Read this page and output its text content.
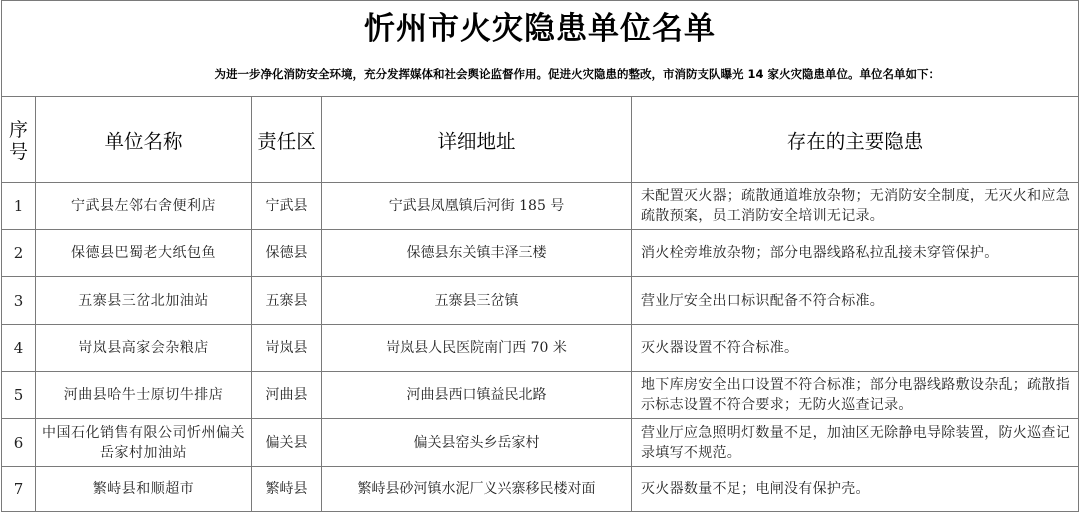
忻州市火灾隐患单位名单				
$^{为进一步净化消防安全环境,充分发挥媒体和社会舆论监督作用。促进火灾隐患的整改,市消防支队曝光 14 家火灾隐患单位。单位名单如下:}$

序
号	单位名称	责任区	详细地址	存在的主要隐患
1	宁武县左邻右舍便利店	宁武县	宁武县凤凰镇后河街 185 号	未配置灭火器；疏散通道堆放杂物；无消防安全制度，无灭火和应急疏散预案，员工消防安全培训无记录。
2	保德县巴蜀老大纸包鱼	保德县	保德县东关镇丰泽三楼	消火栓旁堆放杂物；部分电器线路私拉乱接未穿管保护。
3	五寨县三岔北加油站	五寨县	五寨县三岔镇	营业厅安全出口标识配备不符合标准。
4	岢岚县高家会杂粮店	岢岚县	岢岚县人民医院南门西 70 米	灭火器设置不符合标准。
5	河曲县哈牛士原切牛排店	河曲县	河曲县西口镇益民北路	地下库房安全出口设置不符合标准；部分电器线路敷设杂乱；疏散指示标志设置不符合要求；无防火巡查记录。
6	中国石化销售有限公司忻州偏关岳家村加油站	偏关县	偏关县窑头乡岳家村	营业厅应急照明灯数量不足，加油区无除静电导除装置，防火巡查记录填写不规范。
7	繁峙县和顺超市	繁峙县	繁峙县砂河镇水泥厂义兴寨移民楼对面	灭火器数量不足；电闸没有保护壳。
